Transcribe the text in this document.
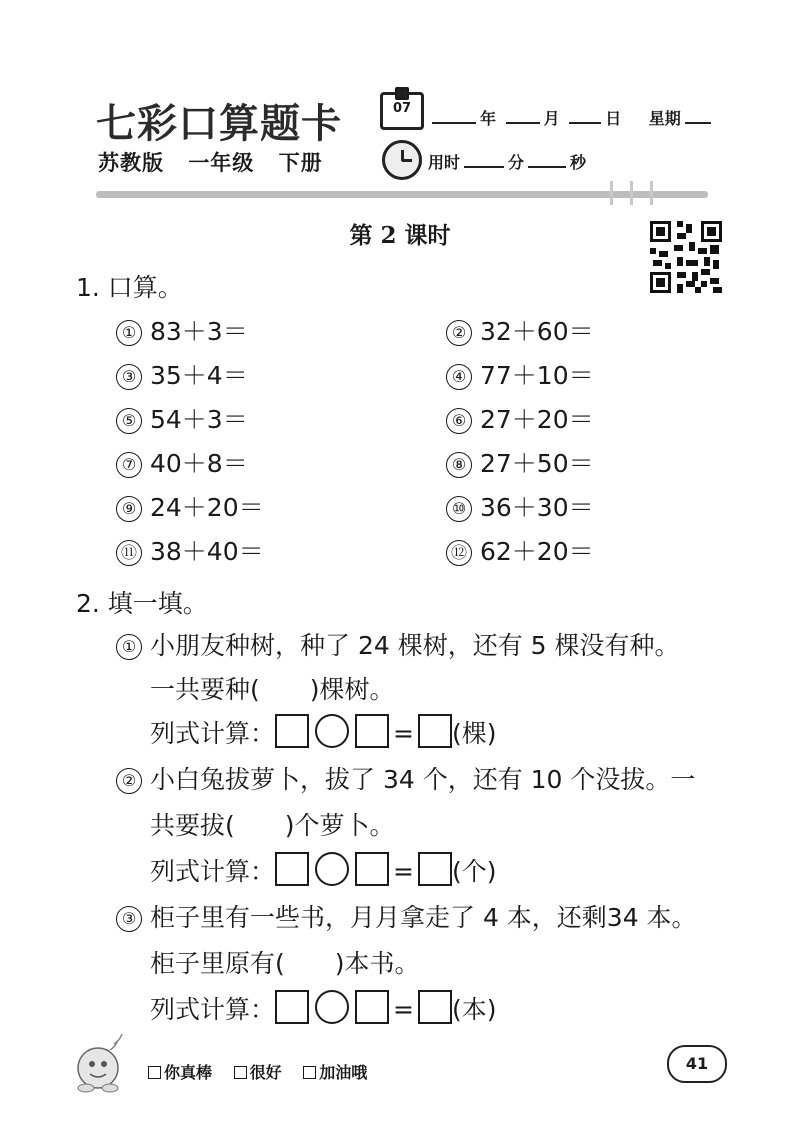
七彩口算题卡
苏教版 一年级 下册
07
年	月	日 星期
用时	分	秒
第 2 课时
1. 口算。
① 83＋3＝	② 32＋60＝
③ 35＋4＝	④ 77＋10＝
⑤ 54＋3＝	⑥ 27＋20＝
⑦ 40＋8＝	⑧ 27＋50＝
⑨ 24＋20＝	⑩ 36＋30＝
⑪ 38＋40＝	⑫ 62＋20＝
2. 填一填。
① 小朋友种树，种了 24 棵树，还有 5 棵没有种。
一共要种(　　)棵树。
列式计算：	= (棵)
② 小白兔拔萝卜，拔了 34 个，还有 10 个没拔。一
共要拔(　　)个萝卜。
列式计算：	= (个)
③ 柜子里有一些书，月月拿走了 4 本，还剩34 本。
柜子里原有(　　)本书。
列式计算：	= (本)
你真棒 很好 加油哦	41
